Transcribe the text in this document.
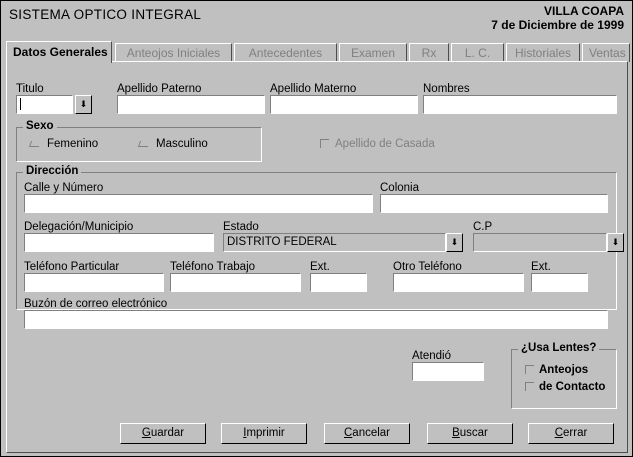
SISTEMA OPTICO INTEGRAL	VILLA COAPA
7 de Diciembre de 1999
Datos Generales	Anteojos Iniciales	Antecedentes	Examen	Rx	L. C.	Historiales	Ventas
Titulo
⬇
Apellido Paterno	Apellido Materno	Nombres
Sexo
Femenino	Masculino	Apellido de Casada
Dirección
Calle y Número	Colonia
Delegación/Municipio	Estado
DISTRITO FEDERAL	⬇
C.P
⬇
Teléfono Particular	Teléfono Trabajo	Ext.	Otro Teléfono	Ext.
Buzón de correo electrónico
Atendió
¿Usa Lentes?
Anteojos
de Contacto
Guardar	Imprimir	Cancelar	Buscar	Cerrar
